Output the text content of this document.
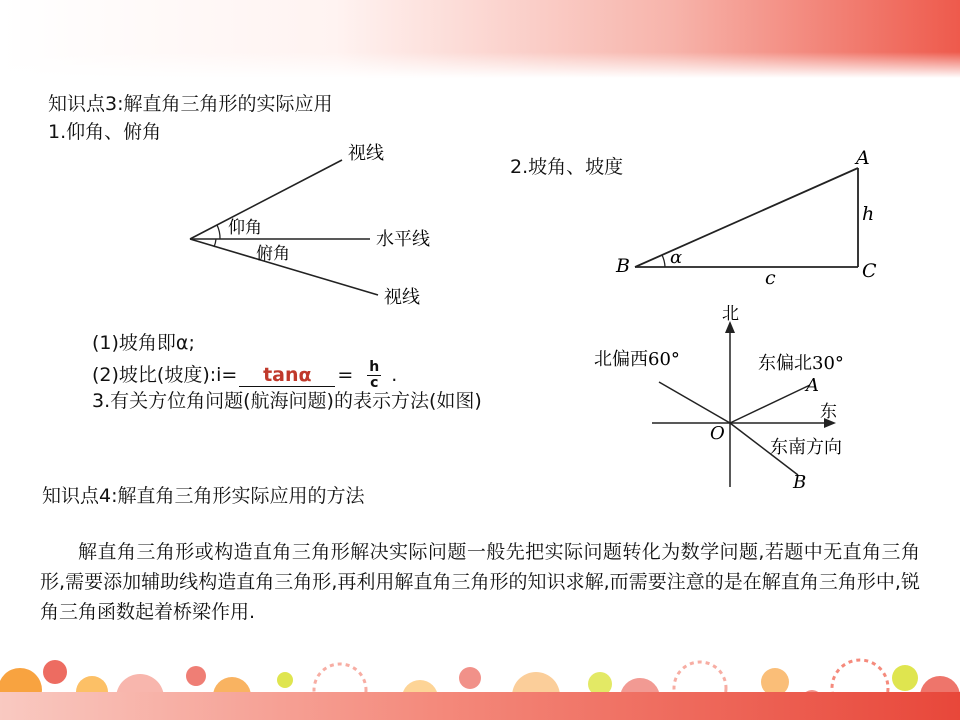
知识点3:解直角三角形的实际应用
1.仰角、俯角
视线
仰角
水平线
俯角
视线
2.坡角、坡度	A
B	C
h
c
α
(1)坡角即α;
(2)坡比(坡度):i= $\tan\alpha = \frac{h}{c}$ .
3.有关方位角问题(航海问题)的表示方法(如图)
北
东
北偏西60°	东偏北30°
A
O
东南方向
B
知识点4:解直角三角形实际应用的方法
解直角三角形或构造直角三角形解决实际问题一般先把实际问题转化为数学问题,若题中无直角三角形,需要添加辅助线构造直角三角形,再利用解直角三角形的知识求解,而需要注意的是在解直角三角形中,锐角三角函数起着桥梁作用.
